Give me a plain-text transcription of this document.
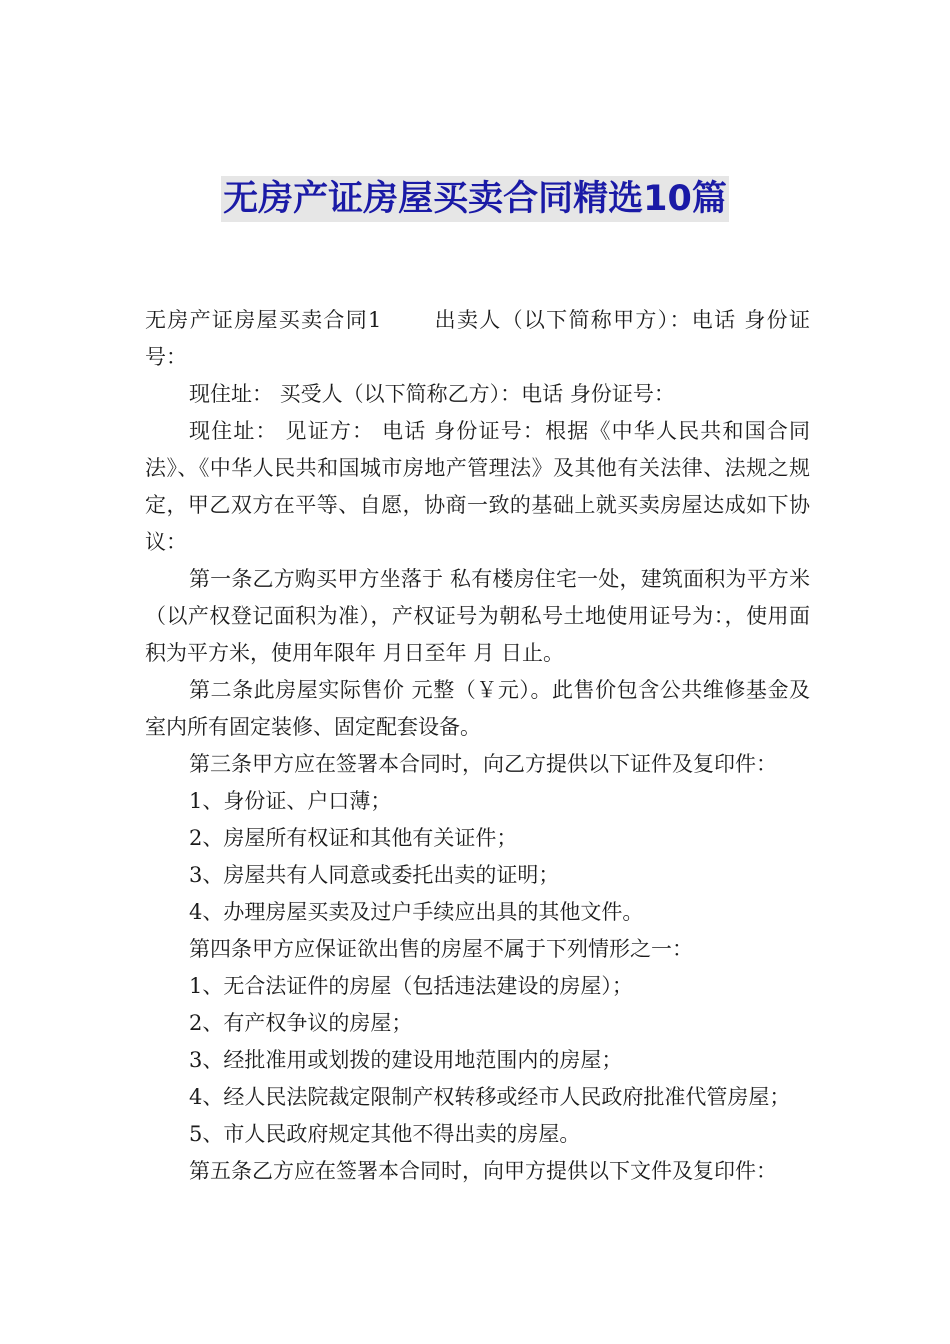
无房产证房屋买卖合同精选10篇

无房产证房屋买卖合同1 出卖人（以下简称甲方）：电话 身份证号：

现住址： 买受人（以下简称乙方）：电话 身份证号：

现住址： 见证方： 电话 身份证号：根据《中华人民共和国合同法》、《中华人民共和国城市房地产管理法》及其他有关法律、法规之规定，甲乙双方在平等、自愿，协商一致的基础上就买卖房屋达成如下协议：

第一条乙方购买甲方坐落于 私有楼房住宅一处，建筑面积为平方米（以产权登记面积为准），产权证号为朝私号土地使用证号为：，使用面积为平方米，使用年限年 月日至年 月 日止。

第二条此房屋实际售价 元整（￥元）。此售价包含公共维修基金及室内所有固定装修、固定配套设备。

第三条甲方应在签署本合同时，向乙方提供以下证件及复印件：

1、身份证、户口薄；

2、房屋所有权证和其他有关证件；

3、房屋共有人同意或委托出卖的证明；

4、办理房屋买卖及过户手续应出具的其他文件。

第四条甲方应保证欲出售的房屋不属于下列情形之一：

1、无合法证件的房屋（包括违法建设的房屋）；

2、有产权争议的房屋；

3、经批准用或划拨的建设用地范围内的房屋；

4、经人民法院裁定限制产权转移或经市人民政府批准代管房屋；

5、市人民政府规定其他不得出卖的房屋。

第五条乙方应在签署本合同时，向甲方提供以下文件及复印件：
